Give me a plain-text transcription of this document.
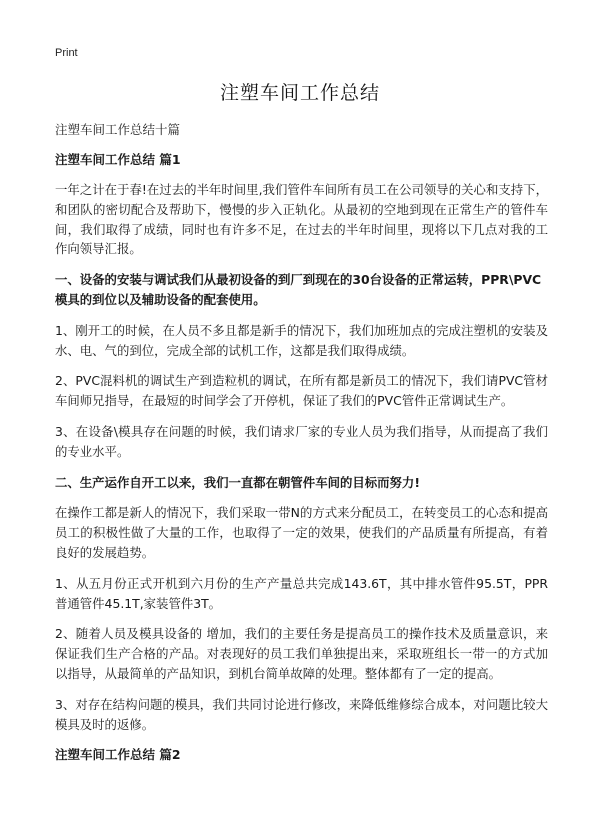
Print
注塑车间工作总结
注塑车间工作总结十篇
注塑车间工作总结 篇1

一年之计在于春!在过去的半年时间里,我们管件车间所有员工在公司领导的关心和支持下，和团队的密切配合及帮助下，慢慢的步入正轨化。从最初的空地到现在正常生产的管件车间，我们取得了成绩，同时也有许多不足，在过去的半年时间里，现将以下几点对我的工作向领导汇报。

一、设备的安装与调试我们从最初设备的到厂到现在的30台设备的正常运转，PPR\PVC模具的到位以及辅助设备的配套使用。

1、刚开工的时候，在人员不多且都是新手的情况下，我们加班加点的完成注塑机的安装及水、电、气的到位，完成全部的试机工作，这都是我们取得成绩。

2、PVC混料机的调试生产到造粒机的调试，在所有都是新员工的情况下，我们请PVC管材车间师兄指导，在最短的时间学会了开停机，保证了我们的PVC管件正常调试生产。

3、在设备\模具存在问题的时候，我们请求厂家的专业人员为我们指导，从而提高了我们的专业水平。

二、生产运作自开工以来，我们一直都在朝管件车间的目标而努力!

在操作工都是新人的情况下，我们采取一带N的方式来分配员工，在转变员工的心态和提高员工的积极性做了大量的工作，也取得了一定的效果，使我们的产品质量有所提高，有着良好的发展趋势。

1、从五月份正式开机到六月份的生产产量总共完成143.6T，其中排水管件95.5T，PPR普通管件45.1T,家装管件3T。

2、随着人员及模具设备的 增加，我们的主要任务是提高员工的操作技术及质量意识，来保证我们生产合格的产品。对表现好的员工我们单独提出来，采取班组长一带一的方式加以指导，从最简单的产品知识，到机台简单故障的处理。整体都有了一定的提高。

3、对存在结构问题的模具，我们共同讨论进行修改，来降低维修综合成本，对问题比较大模具及时的返修。

注塑车间工作总结 篇2
